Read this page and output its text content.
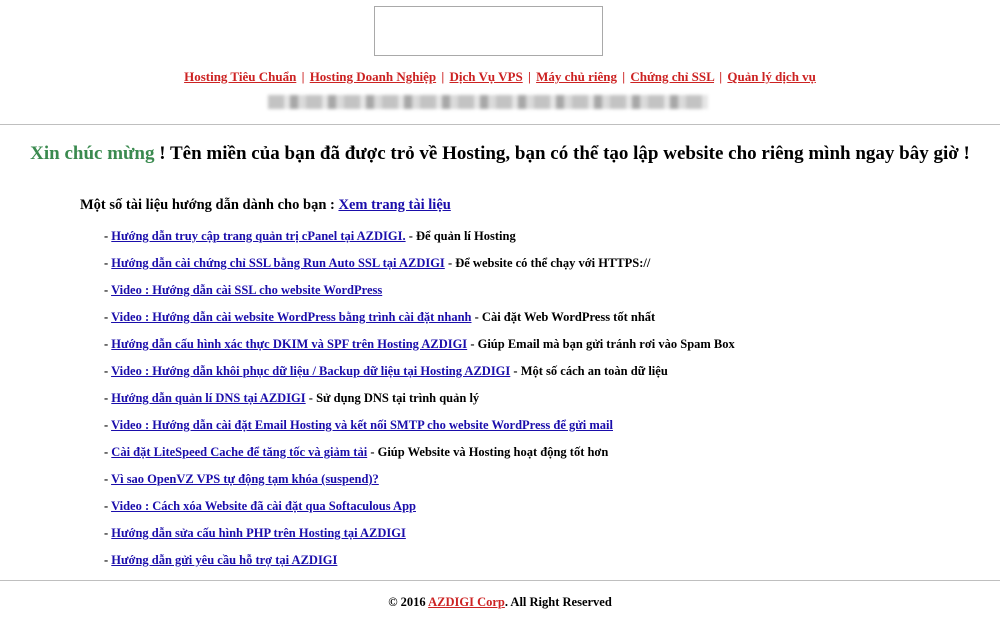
Hosting Tiêu Chuẩn | Hosting Doanh Nghiệp | Dịch Vụ VPS | Máy chủ riêng | Chứng chỉ SSL | Quản lý dịch vụ
Xin chúc mừng ! Tên miền của bạn đã được trỏ về Hosting, bạn có thể tạo lập website cho riêng mình ngay bây giờ !
Một số tài liệu hướng dẫn dành cho bạn : Xem trang tài liệu
- Hướng dẫn truy cập trang quản trị cPanel tại AZDIGI. - Để quản lí Hosting
- Hướng dẫn cài chứng chỉ SSL bằng Run Auto SSL tại AZDIGI - Để website có thể chạy với HTTPS://
- Video : Hướng dẫn cài SSL cho website WordPress
- Video : Hướng dẫn cài website WordPress bằng trình cài đặt nhanh - Cài đặt Web WordPress tốt nhất
- Hướng dẫn cấu hình xác thực DKIM và SPF trên Hosting AZDIGI - Giúp Email mà bạn gửi tránh rơi vào Spam Box
- Video : Hướng dẫn khôi phục dữ liệu / Backup dữ liệu tại Hosting AZDIGI - Một số cách an toàn dữ liệu
- Hướng dẫn quản lí DNS tại AZDIGI - Sử dụng DNS tại trình quản lý
- Video : Hướng dẫn cài đặt Email Hosting và kết nối SMTP cho website WordPress để gửi mail
- Cài đặt LiteSpeed Cache để tăng tốc và giảm tải - Giúp Website và Hosting hoạt động tốt hơn
- Vì sao OpenVZ VPS tự động tạm khóa (suspend)?
- Video : Cách xóa Website đã cài đặt qua Softaculous App
- Hướng dẫn sửa cấu hình PHP trên Hosting tại AZDIGI
- Hướng dẫn gửi yêu cầu hỗ trợ tại AZDIGI
© 2016 AZDIGI Corp. All Right Reserved
